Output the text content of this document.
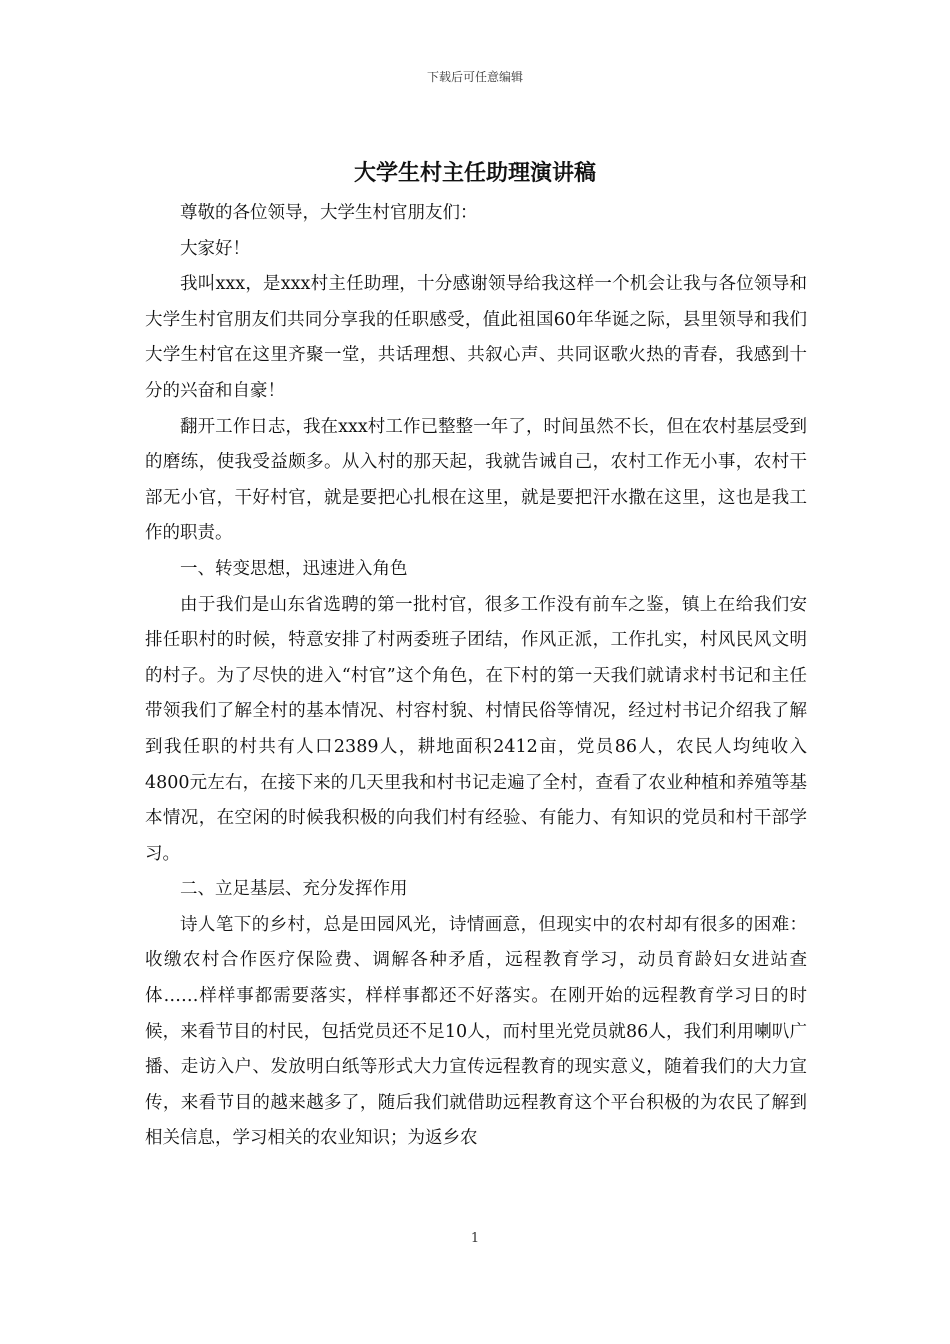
下载后可任意编辑
大学生村主任助理演讲稿

尊敬的各位领导，大学生村官朋友们：

大家好！

我叫xxx，是xxx村主任助理，十分感谢领导给我这样一个机会让我与各位领导和大学生村官朋友们共同分享我的任职感受，值此祖国60年华诞之际，县里领导和我们大学生村官在这里齐聚一堂，共话理想、共叙心声、共同讴歌火热的青春，我感到十分的兴奋和自豪！

翻开工作日志，我在xxx村工作已整整一年了，时间虽然不长，但在农村基层受到的磨练，使我受益颇多。从入村的那天起，我就告诫自己，农村工作无小事，农村干部无小官，干好村官，就是要把心扎根在这里，就是要把汗水撒在这里，这也是我工作的职责。

一、转变思想，迅速进入角色

由于我们是山东省选聘的第一批村官，很多工作没有前车之鉴，镇上在给我们安排任职村的时候，特意安排了村两委班子团结，作风正派，工作扎实，村风民风文明的村子。为了尽快的进入“村官”这个角色，在下村的第一天我们就请求村书记和主任带领我们了解全村的基本情况、村容村貌、村情民俗等情况，经过村书记介绍我了解到我任职的村共有人口2389人，耕地面积2412亩，党员86人，农民人均纯收入4800元左右，在接下来的几天里我和村书记走遍了全村，查看了农业种植和养殖等基本情况，在空闲的时候我积极的向我们村有经验、有能力、有知识的党员和村干部学习。

二、立足基层、充分发挥作用

诗人笔下的乡村，总是田园风光，诗情画意，但现实中的农村却有很多的困难：收缴农村合作医疗保险费、调解各种矛盾，远程教育学习，动员育龄妇女进站查体……样样事都需要落实，样样事都还不好落实。在刚开始的远程教育学习日的时候，来看节目的村民，包括党员还不足10人，而村里光党员就86人，我们利用喇叭广播、走访入户、发放明白纸等形式大力宣传远程教育的现实意义，随着我们的大力宣传，来看节目的越来越多了，随后我们就借助远程教育这个平台积极的为农民了解到相关信息，学习相关的农业知识；为返乡农

1
